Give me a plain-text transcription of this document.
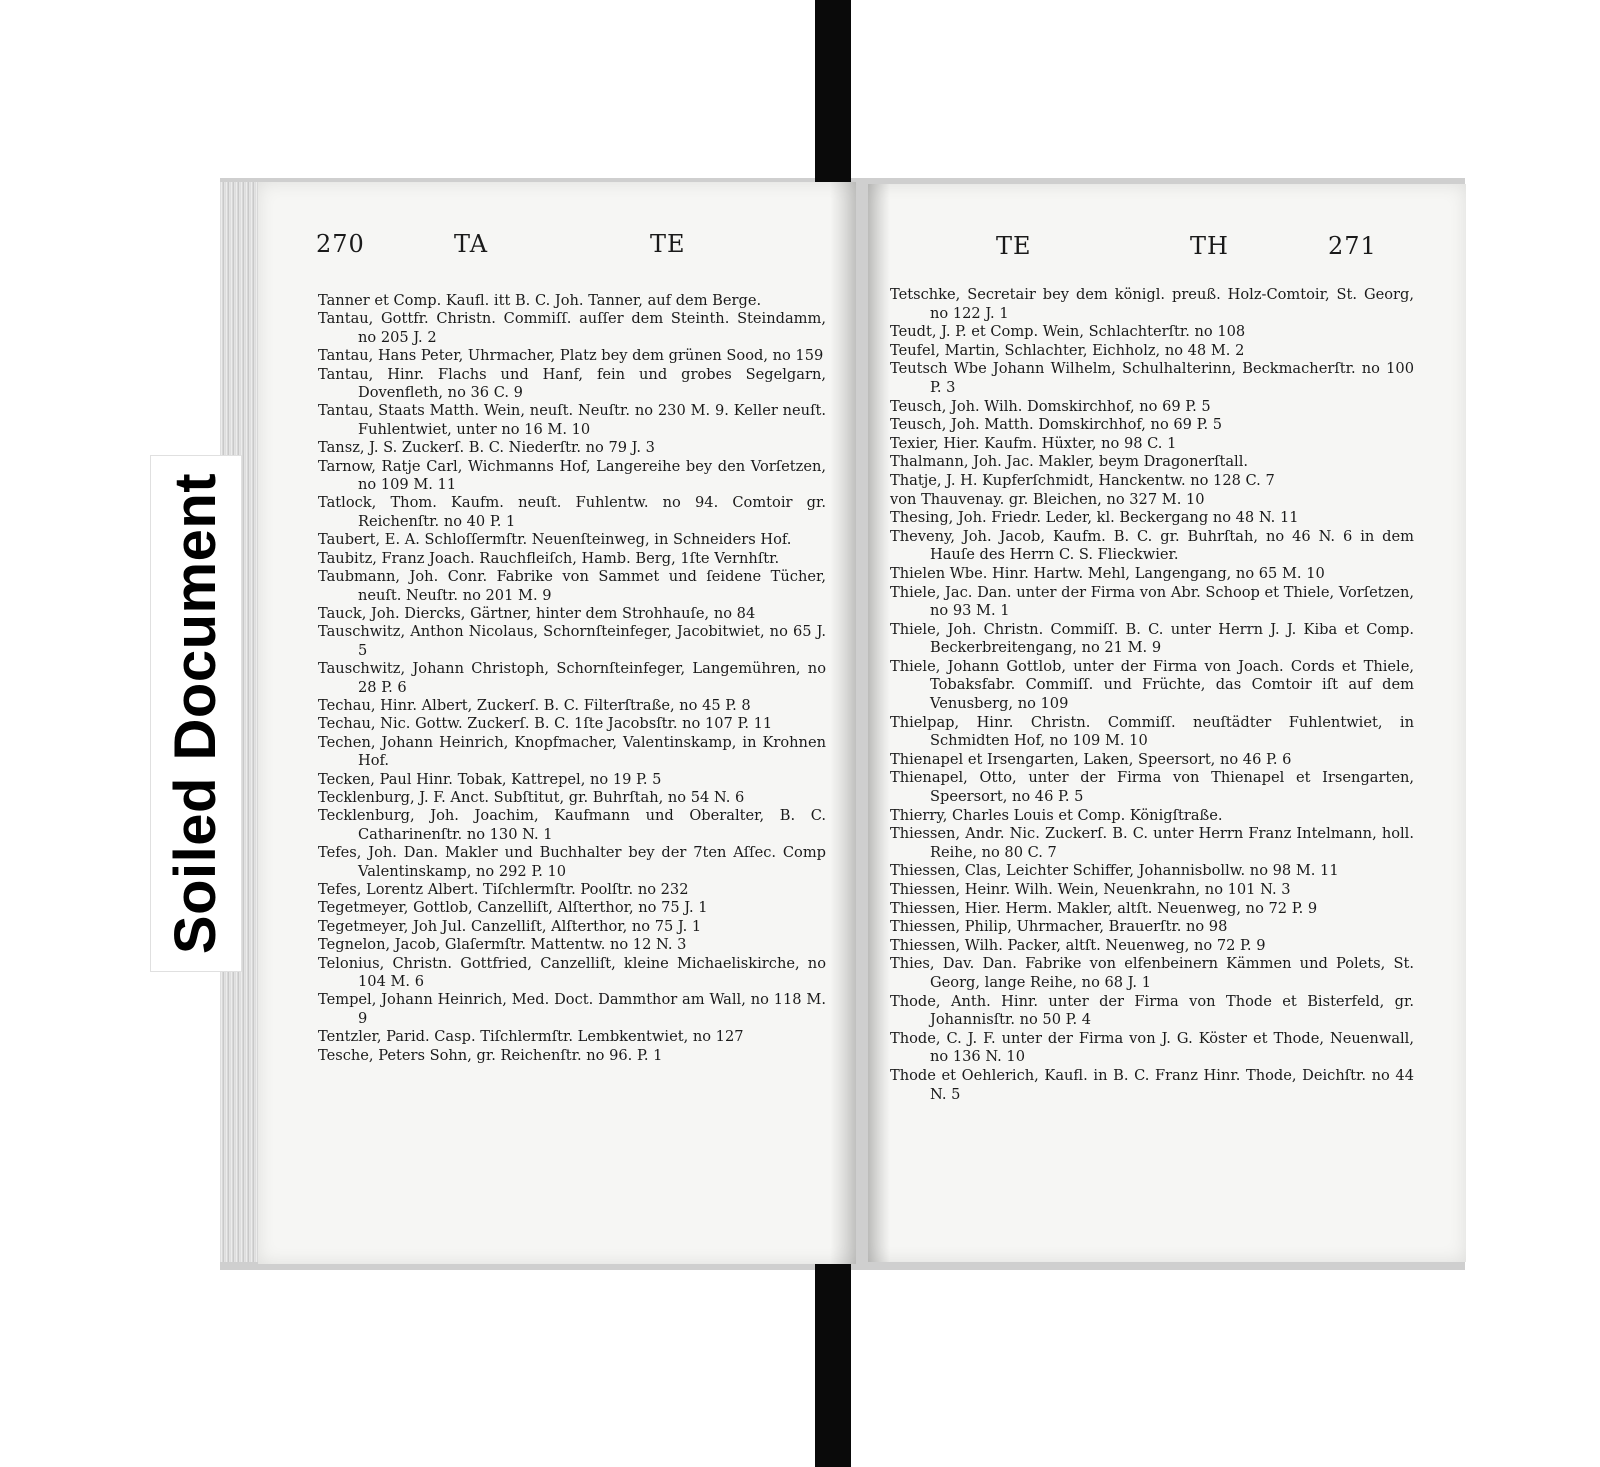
270	TA	TE

Tanner et Comp. Kaufl. itt B. C. Joh. Tanner, auf dem Berge.

Tantau, Gottfr. Christn. Commiſſ. auſſer dem Steinth. Steindamm, no 205 J. 2

Tantau, Hans Peter, Uhrmacher, Platz bey dem grünen Sood, no 159

Tantau, Hinr. Flachs und Hanf, fein und grobes Segelgarn, Dovenfleth, no 36 C. 9

Tantau, Staats Matth. Wein, neuſt. Neuſtr. no 230 M. 9. Keller neuſt. Fuhlentwiet, unter no 16 M. 10

Tansz, J. S. Zuckerſ. B. C. Niederſtr. no 79 J. 3

Tarnow, Ratje Carl, Wichmanns Hof, Langereihe bey den Vorſetzen, no 109 M. 11

Tatlock, Thom. Kaufm. neuſt. Fuhlentw. no 94. Comtoir gr. Reichenſtr. no 40 P. 1

Taubert, E. A. Schloſſermſtr. Neuenſteinweg, in Schneiders Hof.

Taubitz, Franz Joach. Rauchfleiſch, Hamb. Berg, 1ſte Vernhſtr.

Taubmann, Joh. Conr. Fabrike von Sammet und ſeidene Tücher, neuſt. Neuſtr. no 201 M. 9

Tauck, Joh. Diercks, Gärtner, hinter dem Strohhauſe, no 84

Tauschwitz, Anthon Nicolaus, Schornſteinfeger, Jacobitwiet, no 65 J. 5

Tauschwitz, Johann Christoph, Schornſteinfeger, Langemühren, no 28 P. 6

Techau, Hinr. Albert, Zuckerſ. B. C. Filterſtraße, no 45 P. 8

Techau, Nic. Gottw. Zuckerſ. B. C. 1ſte Jacobsſtr. no 107 P. 11

Techen, Johann Heinrich, Knopfmacher, Valentinskamp, in Krohnen Hof.

Tecken, Paul Hinr. Tobak, Kattrepel, no 19 P. 5

Tecklenburg, J. F. Anct. Subſtitut, gr. Buhrſtah, no 54 N. 6

Tecklenburg, Joh. Joachim, Kaufmann und Oberalter, B. C. Catharinenſtr. no 130 N. 1

Tefes, Joh. Dan. Makler und Buchhalter bey der 7ten Aſſec. Comp Valentinskamp, no 292 P. 10

Tefes, Lorentz Albert. Tiſchlermſtr. Poolſtr. no 232

Tegetmeyer, Gottlob, Canzelliſt, Alſterthor, no 75 J. 1

Tegetmeyer, Joh Jul. Canzelliſt, Alſterthor, no 75 J. 1

Tegnelon, Jacob, Glaſermſtr. Mattentw. no 12 N. 3

Telonius, Christn. Gottfried, Canzelliſt, kleine Michaeliskirche, no 104 M. 6

Tempel, Johann Heinrich, Med. Doct. Dammthor am Wall, no 118 M. 9

Tentzler, Parid. Casp. Tiſchlermſtr. Lembkentwiet, no 127

Tesche, Peters Sohn, gr. Reichenſtr. no 96. P. 1

TE	TH	271

Tetschke, Secretair bey dem königl. preuß. Holz-Comtoir, St. Georg, no 122 J. 1

Teudt, J. P. et Comp. Wein, Schlachterſtr. no 108

Teufel, Martin, Schlachter, Eichholz, no 48 M. 2

Teutsch Wbe Johann Wilhelm, Schulhalterinn, Beckmacherſtr. no 100 P. 3

Teusch, Joh. Wilh. Domskirchhof, no 69 P. 5

Teusch, Joh. Matth. Domskirchhof, no 69 P. 5

Texier, Hier. Kaufm. Hüxter, no 98 C. 1

Thalmann, Joh. Jac. Makler, beym Dragonerſtall.

Thatje, J. H. Kupferſchmidt, Hanckentw. no 128 C. 7

von Thauvenay. gr. Bleichen, no 327 M. 10

Thesing, Joh. Friedr. Leder, kl. Beckergang no 48 N. 11

Theveny, Joh. Jacob, Kaufm. B. C. gr. Buhrſtah, no 46 N. 6 in dem Hauſe des Herrn C. S. Flieckwier.

Thielen Wbe. Hinr. Hartw. Mehl, Langengang, no 65 M. 10

Thiele, Jac. Dan. unter der Firma von Abr. Schoop et Thiele, Vorſetzen, no 93 M. 1

Thiele, Joh. Christn. Commiſſ. B. C. unter Herrn J. J. Kiba et Comp. Beckerbreitengang, no 21 M. 9

Thiele, Johann Gottlob, unter der Firma von Joach. Cords et Thiele, Tobaksfabr. Commiſſ. und Früchte, das Comtoir iſt auf dem Venusberg, no 109

Thielpap, Hinr. Christn. Commiſſ. neuſtädter Fuhlentwiet, in Schmidten Hof, no 109 M. 10

Thienapel et Irsengarten, Laken, Speersort, no 46 P. 6

Thienapel, Otto, unter der Firma von Thienapel et Irsengarten, Speersort, no 46 P. 5

Thierry, Charles Louis et Comp. Königſtraße.

Thiessen, Andr. Nic. Zuckerſ. B. C. unter Herrn Franz Intelmann, holl. Reihe, no 80 C. 7

Thiessen, Clas, Leichter Schiffer, Johannisbollw. no 98 M. 11

Thiessen, Heinr. Wilh. Wein, Neuenkrahn, no 101 N. 3

Thiessen, Hier. Herm. Makler, altſt. Neuenweg, no 72 P. 9

Thiessen, Philip, Uhrmacher, Brauerſtr. no 98

Thiessen, Wilh. Packer, altſt. Neuenweg, no 72 P. 9

Thies, Dav. Dan. Fabrike von elfenbeinern Kämmen und Polets, St. Georg, lange Reihe, no 68 J. 1

Thode, Anth. Hinr. unter der Firma von Thode et Bisterfeld, gr. Johannisſtr. no 50 P. 4

Thode, C. J. F. unter der Firma von J. G. Köster et Thode, Neuenwall, no 136 N. 10

Thode et Oehlerich, Kaufl. in B. C. Franz Hinr. Thode, Deichſtr. no 44 N. 5

Soiled Document
